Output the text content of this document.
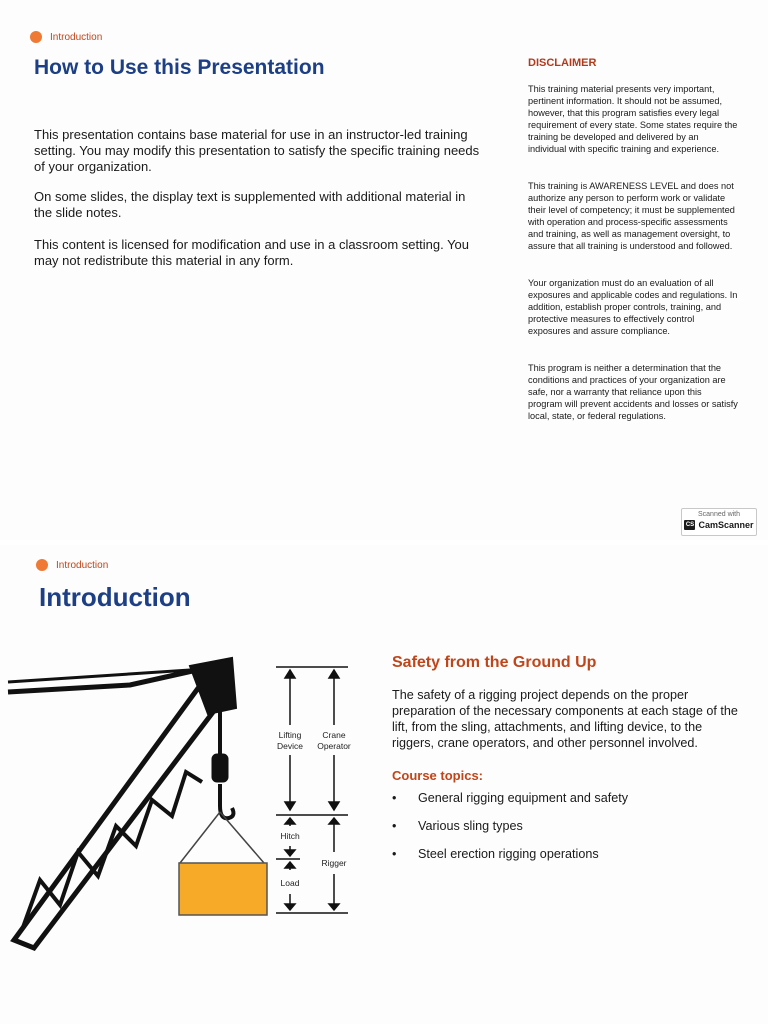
Introduction
How to Use this Presentation

This presentation contains base material for use in an instructor-led training setting. You may modify this presentation to satisfy the specific training needs of your organization.

On some slides, the display text is supplemented with additional material in the slide notes.

This content is licensed for modification and use in a classroom setting. You may not redistribute this material in any form.

DISCLAIMER

This training material presents very important, pertinent information. It should not be assumed, however, that this program satisfies every legal requirement of every state. Some states require the training be developed and delivered by an individual with specific training and experience.

This training is AWARENESS LEVEL and does not authorize any person to perform work or validate their level of competency; it must be supplemented with operation and process-specific assessments and training, as well as management oversight, to assure that all training is understood and followed.

Your organization must do an evaluation of all exposures and applicable codes and regulations. In addition, establish proper controls, training, and protective measures to effectively control exposures and assure compliance.

This program is neither a determination that the conditions and practices of your organization are safe, nor a warranty that reliance upon this program will prevent accidents and losses or satisfy local, state, or federal regulations.

Scanned with
CS CamScanner
Introduction
Introduction
Lifting
Device
Crane
Operator
Hitch
Load
Rigger
Safety from the Ground Up
The safety of a rigging project depends on the proper preparation of the necessary components at each stage of the lift, from the sling, attachments, and lifting device, to the riggers, crane operators, and other personnel involved.
Course topics:
•	General rigging equipment and safety
•	Various sling types
•	Steel erection rigging operations
